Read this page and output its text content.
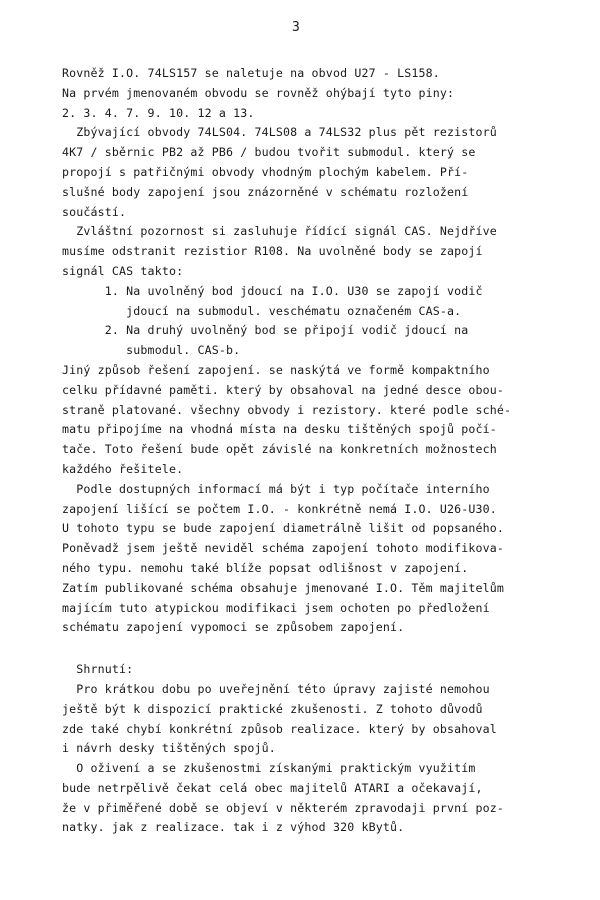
3
Rovněž I.O. 74LS157 se naletuje na obvod U27 - LS158.
Na prvém jmenovaném obvodu se rovněž ohýbají tyto piny:
2. 3. 4. 7. 9. 10. 12 a 13.
Zbývající obvody 74LS04. 74LS08 a 74LS32 plus pět rezistorů
4K7 / sběrnic PB2 až PB6 / budou tvořit submodul. který se
propojí s patřičnými obvody vhodným plochým kabelem. Pří-
slušné body zapojení jsou znázorněné v schématu rozložení
součástí.
Zvláštní pozornost si zasluhuje řídící signál CAS. Nejdříve
musíme odstranit rezistior R108. Na uvolněné body se zapojí
signál CAS takto:
1. Na uvolněný bod jdoucí na I.O. U30 se zapojí vodič
jdoucí na submodul. veschématu označeném CAS-a.
2. Na druhý uvolněný bod se připojí vodič jdoucí na
submodul. CAS-b.
Jiný způsob řešení zapojení. se naskýtá ve formě kompaktního
celku přídavné paměti. který by obsahoval na jedné desce obou-
straně platované. všechny obvody i rezistory. které podle sché-
matu připojíme na vhodná místa na desku tištěných spojů počí-
tače. Toto řešení bude opět závislé na konkretních možnostech
každého řešitele.
Podle dostupných informací má být i typ počítače interního
zapojení lišící se počtem I.O. - konkrétně nemá I.O. U26-U30.
U tohoto typu se bude zapojení diametrálně lišit od popsaného.
Poněvadž jsem ještě neviděl schéma zapojení tohoto modifikova-
ného typu. nemohu také blíže popsat odlišnost v zapojení.
Zatím publikované schéma obsahuje jmenované I.O. Těm majitelům
majícím tuto atypickou modifikaci jsem ochoten po předložení
schématu zapojení vypomoci se způsobem zapojení.
Shrnutí:
Pro krátkou dobu po uveřejnění této úpravy zajisté nemohou
ještě být k dispozicí praktické zkušenosti. Z tohoto důvodů
zde také chybí konkrétní způsob realizace. který by obsahoval
i návrh desky tištěných spojů.
O oživení a se zkušenostmi získanými praktickým využitím
bude netrpělivě čekat celá obec majitelů ATARI a očekavají,
že v přiměřené době se objeví v některém zpravodaji první poz-
natky. jak z realizace. tak i z výhod 320 kBytů.
